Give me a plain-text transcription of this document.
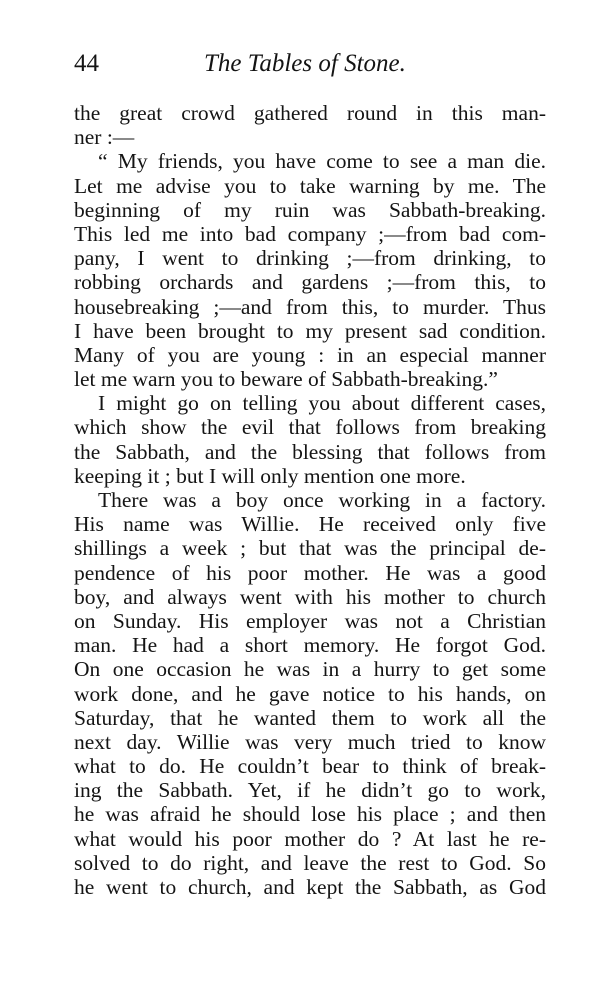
44	The Tables of Stone.
the great crowd gathered round in this man-
ner :—
“ My friends, you have come to see a man die.
Let me advise you to take warning by me. The
beginning of my ruin was Sabbath-breaking.
This led me into bad company ;—from bad com-
pany, I went to drinking ;—from drinking, to
robbing orchards and gardens ;—from this, to
housebreaking ;—and from this, to murder. Thus
I have been brought to my present sad condition.
Many of you are young : in an especial manner
let me warn you to beware of Sabbath-breaking.”
I might go on telling you about different cases,
which show the evil that follows from breaking
the Sabbath, and the blessing that follows from
keeping it ; but I will only mention one more.
There was a boy once working in a factory.
His name was Willie. He received only five
shillings a week ; but that was the principal de-
pendence of his poor mother. He was a good
boy, and always went with his mother to church
on Sunday. His employer was not a Christian
man. He had a short memory. He forgot God.
On one occasion he was in a hurry to get some
work done, and he gave notice to his hands, on
Saturday, that he wanted them to work all the
next day. Willie was very much tried to know
what to do. He couldn’t bear to think of break-
ing the Sabbath. Yet, if he didn’t go to work,
he was afraid he should lose his place ; and then
what would his poor mother do ? At last he re-
solved to do right, and leave the rest to God. So
he went to church, and kept the Sabbath, as God
